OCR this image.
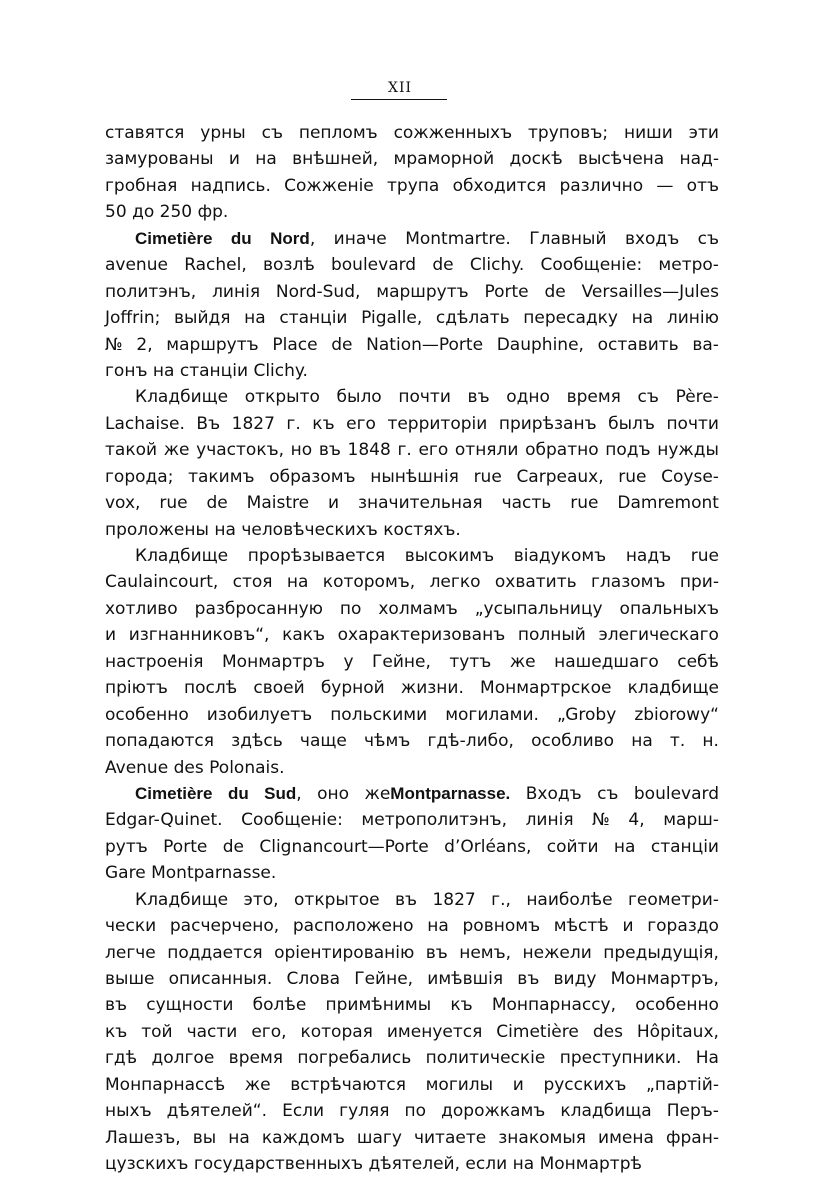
XII
ставятся урны съ пепломъ сожженныхъ труповъ; ниши эти
замурованы и на внѣшней, мраморной доскѣ высѣчена над-
гробная надпись. Сожженіе трупа обходится различно — отъ
50 до 250 фр.
Cimetière du Nord, иначе Montmartre. Главный входъ съ
avenue Rachel, возлѣ boulevard de Clichy. Сообщеніе: метро-
политэнъ, линія Nord-Sud, маршрутъ Porte de Versailles—Jules
Joffrin; выйдя на станціи Pigalle, сдѣлать пересадку на линію
№ 2, маршрутъ Place de Nation—Porte Dauphine, оставить ва-
гонъ на станціи Clichy.
Кладбище открыто было почти въ одно время съ Père-
Lachaise. Въ 1827 г. къ его территоріи прирѣзанъ былъ почти
такой же участокъ, но въ 1848 г. его отняли обратно подъ нужды
города; такимъ образомъ нынѣшнія rue Carpeaux, rue Coyse-
vox, rue de Maistre и значительная часть rue Damremont
проложены на человѣческихъ костяхъ.
Кладбище прорѣзывается высокимъ віадукомъ надъ rue
Caulaincourt, стоя на которомъ, легко охватить глазомъ при-
хотливо разбросанную по холмамъ „усыпальницу опальныхъ
и изгнанниковъ“, какъ охарактеризованъ полный элегическаго
настроенія Монмартръ у Гейне, тутъ же нашедшаго себѣ
пріютъ послѣ своей бурной жизни. Монмартрское кладбище
особенно изобилуетъ польскими могилами. „Groby zbiorowy“
попадаются здѣсь чаще чѣмъ гдѣ-либо, особливо на т. н.
Avenue des Polonais.
Cimetière du Sud, оно жеMontparnasse. Входъ съ boulevard
Edgar-Quinet. Сообщеніе: метрополитэнъ, линія № 4, марш-
рутъ Porte de Clignancourt—Porte d’Orléans, сойти на станціи
Gare Montparnasse.
Кладбище это, открытое въ 1827 г., наиболѣе геометри-
чески расчерчено, расположено на ровномъ мѣстѣ и гораздо
легче поддается оріентированію въ немъ, нежели предыдущія,
выше описанныя. Слова Гейне, имѣвшія въ виду Монмартръ,
въ сущности болѣе примѣнимы къ Монпарнассу, особенно
къ той части его, которая именуется Cimetière des Hôpitaux,
гдѣ долгое время погребались политическіе преступники. На
Монпарнассѣ же встрѣчаются могилы и русскихъ „партій-
ныхъ дѣятелей“. Если гуляя по дорожкамъ кладбища Перъ-
Лашезъ, вы на каждомъ шагу читаете знакомыя имена фран-
цузскихъ государственныхъ дѣятелей, если на Монмартрѣ
